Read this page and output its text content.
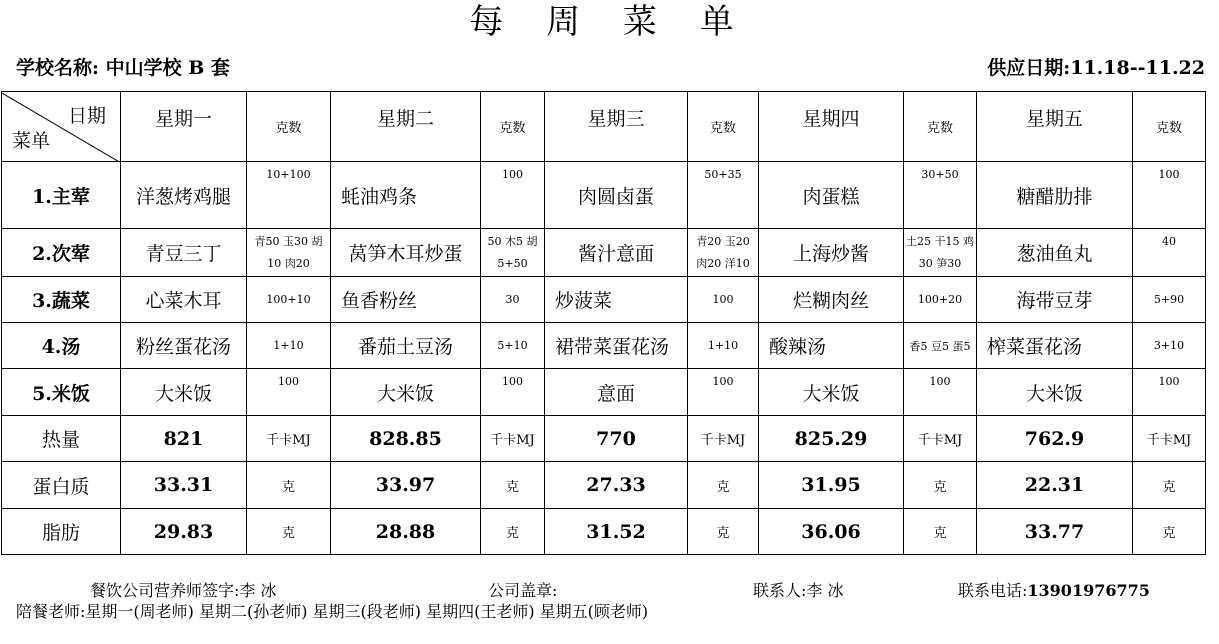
每 周 菜 单
学校名称: 中山学校 B 套	供应日期:11.18--11.22
日期
菜单	星期一	克数	星期二	克数	星期三	克数	星期四	克数	星期五	克数
1.主荤	洋葱烤鸡腿	10+100	蚝油鸡条	100	肉圆卤蛋	50+35	肉蛋糕	30+50	糖醋肋排	100
2.次荤	青豆三丁	青50 玉30 胡10 肉20	莴笋木耳炒蛋	50 木5 胡5+50	酱汁意面	青20 玉20 肉20 洋10	上海炒酱	土25 干15 鸡30 笋30	葱油鱼丸	40
3.蔬菜	心菜木耳	100+10	鱼香粉丝	30	炒菠菜	100	烂糊肉丝	100+20	海带豆芽	5+90
4.汤	粉丝蛋花汤	1+10	番茄土豆汤	5+10	裙带菜蛋花汤	1+10	酸辣汤	香5 豆5 蛋5	榨菜蛋花汤	3+10
5.米饭	大米饭	100	大米饭	100	意面	100	大米饭	100	大米饭	100
热量	821	千卡MJ	828.85	千卡MJ	770	千卡MJ	825.29	千卡MJ	762.9	千卡MJ
蛋白质	33.31	克	33.97	克	27.33	克	31.95	克	22.31	克
脂肪	29.83	克	28.88	克	31.52	克	36.06	克	33.77	克
餐饮公司营养师签字:李 冰	公司盖章:	联系人:李 冰	联系电话:13901976775
陪餐老师:星期一(周老师) 星期二(孙老师) 星期三(段老师) 星期四(王老师) 星期五(顾老师)
